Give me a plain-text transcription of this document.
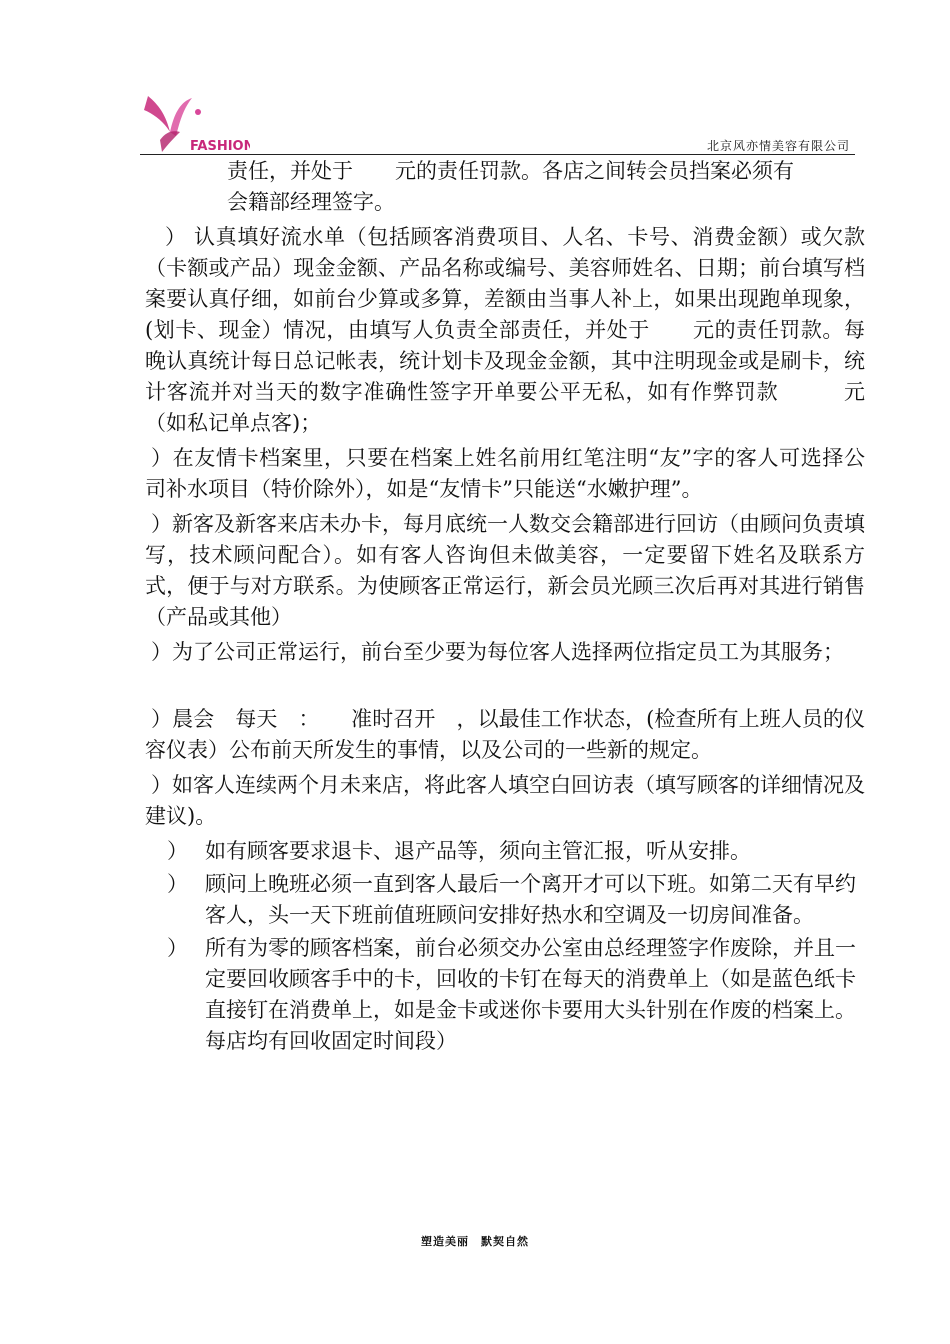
FASHION	北京风亦情美容有限公司
责任，并处于　　元的责任罚款。各店之间转会员挡案必须有
会籍部经理签字。
） 认真填好流水单（包括顾客消费项目、人名、卡号、消费金额）或欠款（卡额或产品）现金金额、产品名称或编号、美容师姓名、日期；前台填写档案要认真仔细，如前台少算或多算，差额由当事人补上，如果出现跑单现象，(划卡、现金）情况，由填写人负责全部责任，并处于　　元的责任罚款。每晚认真统计每日总记帐表，统计划卡及现金金额，其中注明现金或是刷卡，统计客流并对当天的数字准确性签字开单要公平无私，如有作弊罚款　　　元（如私记单点客)；
）在友情卡档案里，只要在档案上姓名前用红笔注明“友”字的客人可选择公司补水项目（特价除外），如是“友情卡”只能送“水嫩护理”。
）新客及新客来店未办卡，每月底统一人数交会籍部进行回访（由顾问负责填写，技术顾问配合）。如有客人咨询但未做美容，一定要留下姓名及联系方式，便于与对方联系。为使顾客正常运行，新会员光顾三次后再对其进行销售（产品或其他）
）为了公司正常运行，前台至少要为每位客人选择两位指定员工为其服务；
）晨会　每天　：　　准时召开　，以最佳工作状态，(检查所有上班人员的仪容仪表）公布前天所发生的事情，以及公司的一些新的规定。
）如客人连续两个月未来店，将此客人填空白回访表（填写顾客的详细情况及建议)。
） 如有顾客要求退卡、退产品等，须向主管汇报，听从安排。
） 顾问上晚班必须一直到客人最后一个离开才可以下班。如第二天有早约客人，头一天下班前值班顾问安排好热水和空调及一切房间准备。
） 所有为零的顾客档案，前台必须交办公室由总经理签字作废除，并且一定要回收顾客手中的卡，回收的卡钉在每天的消费单上（如是蓝色纸卡直接钉在消费单上，如是金卡或迷你卡要用大头针别在作废的档案上。每店均有回收固定时间段）
塑造美丽　默契自然
